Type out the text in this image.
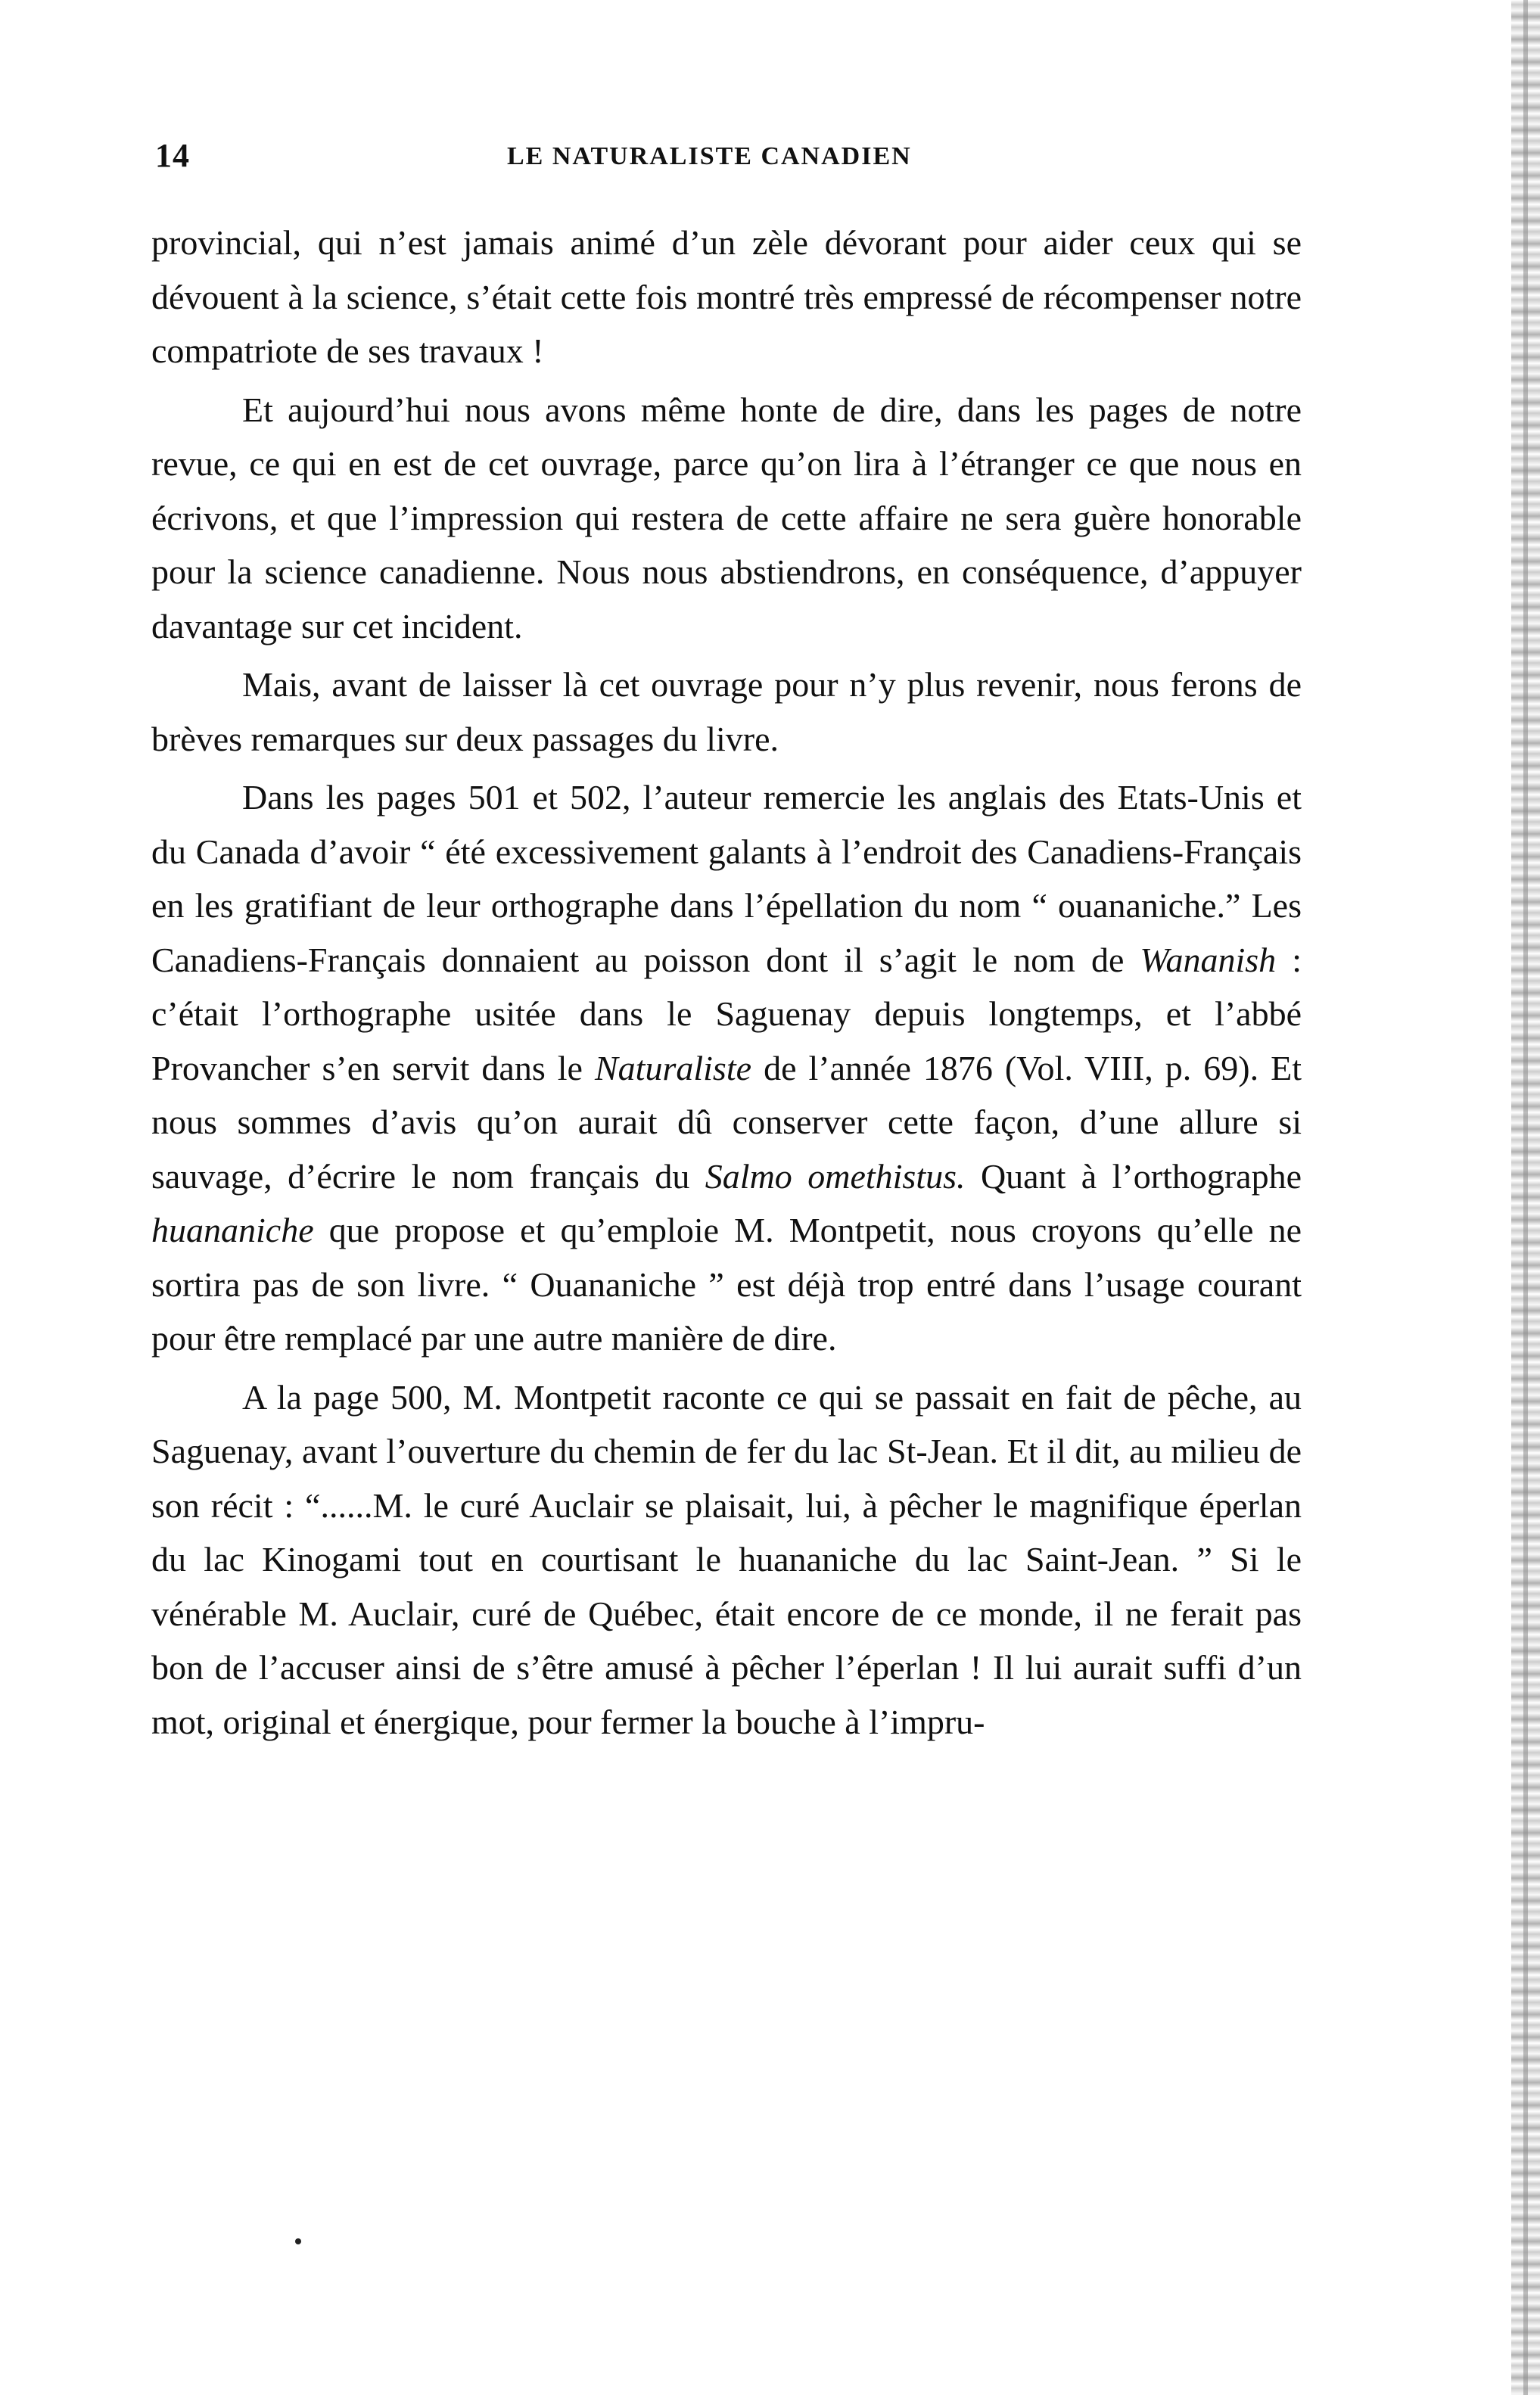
14	LE NATURALISTE CANADIEN

provincial, qui n’est jamais animé d’un zèle dévorant pour aider ceux qui se dévouent à la science, s’était cette fois montré très empressé de récompenser notre compatriote de ses travaux !

Et aujourd’hui nous avons même honte de dire, dans les pages de notre revue, ce qui en est de cet ouvrage, parce qu’on lira à l’étranger ce que nous en écrivons, et que l’impression qui restera de cette affaire ne sera guère honorable pour la science canadienne. Nous nous abstiendrons, en conséquence, d’appuyer davantage sur cet incident.

Mais, avant de laisser là cet ouvrage pour n’y plus revenir, nous ferons de brèves remarques sur deux passages du livre.

Dans les pages 501 et 502, l’auteur remercie les anglais des Etats-Unis et du Canada d’avoir “ été excessivement galants à l’endroit des Canadiens-Français en les gratifiant de leur orthographe dans l’épellation du nom “ ouananiche.” Les Canadiens-Français donnaient au poisson dont il s’agit le nom de Wananish : c’était l’orthographe usitée dans le Saguenay depuis longtemps, et l’abbé Provancher s’en servit dans le Naturaliste de l’année 1876 (Vol. VIII, p. 69). Et nous sommes d’avis qu’on aurait dû conserver cette façon, d’une allure si sauvage, d’écrire le nom français du Salmo omethistus. Quant à l’orthographe huananiche que propose et qu’emploie M. Montpetit, nous croyons qu’elle ne sortira pas de son livre. “ Ouananiche ” est déjà trop entré dans l’usage courant pour être remplacé par une autre manière de dire.

A la page 500, M. Montpetit raconte ce qui se passait en fait de pêche, au Saguenay, avant l’ouverture du chemin de fer du lac St-Jean. Et il dit, au milieu de son récit : “......M. le curé Auclair se plaisait, lui, à pêcher le magnifique éperlan du lac Kinogami tout en courtisant le huananiche du lac Saint-Jean. ” Si le vénérable M. Auclair, curé de Québec, était encore de ce monde, il ne ferait pas bon de l’accuser ainsi de s’être amusé à pêcher l’éperlan ! Il lui aurait suffi d’un mot, original et énergique, pour fermer la bouche à l’impru-
